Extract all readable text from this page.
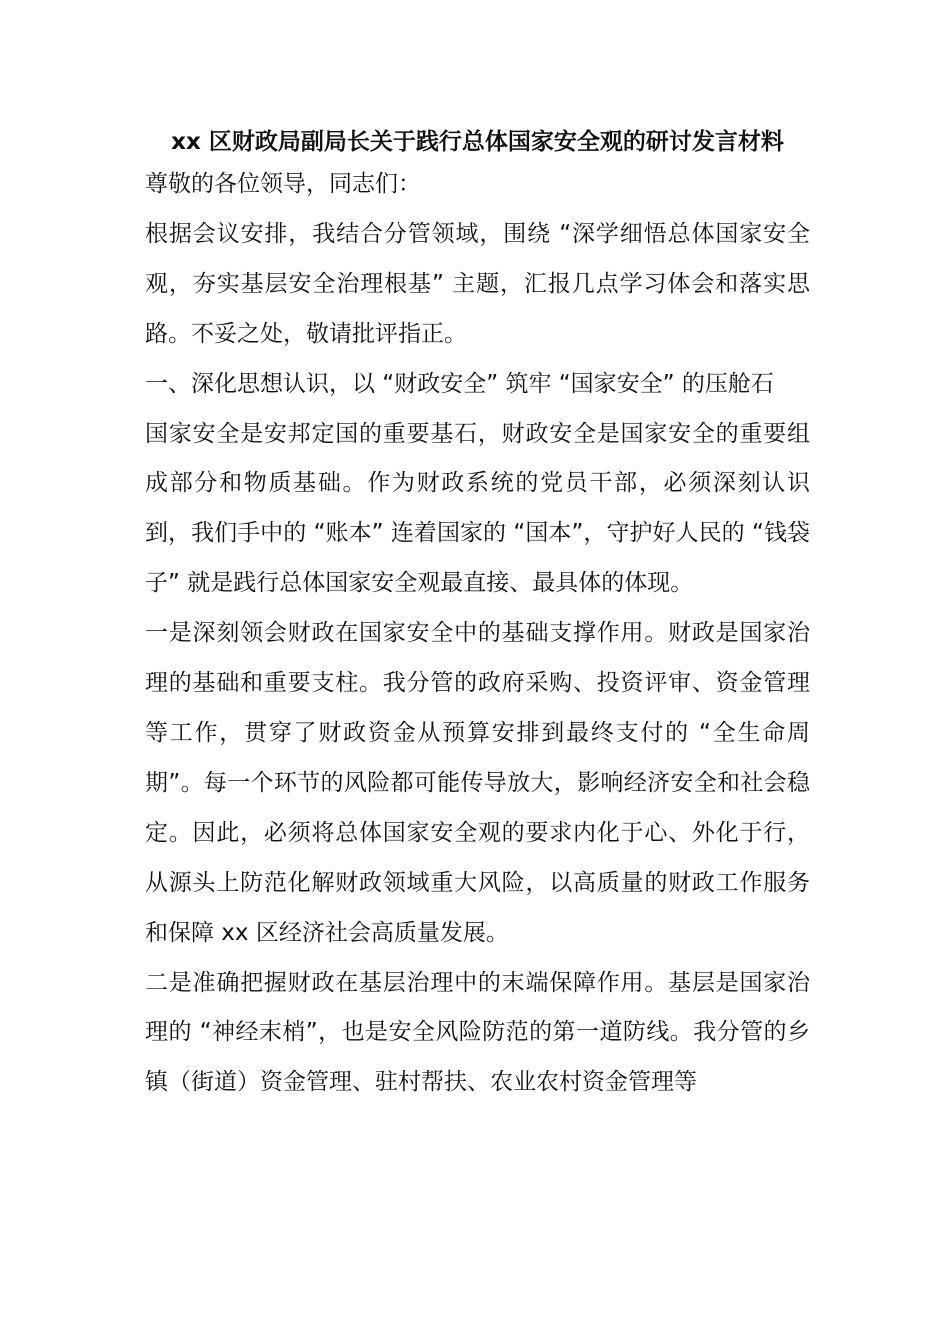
xx 区财政局副局长关于践行总体国家安全观的研讨发言材料

尊敬的各位领导，同志们：

根据会议安排，我结合分管领域，围绕 “深学细悟总体国家安全观，夯实基层安全治理根基” 主题，汇报几点学习体会和落实思路。不妥之处，敬请批评指正。

一、深化思想认识，以 “财政安全” 筑牢 “国家安全” 的压舱石

国家安全是安邦定国的重要基石，财政安全是国家安全的重要组成部分和物质基础。作为财政系统的党员干部，必须深刻认识到，我们手中的 “账本” 连着国家的 “国本”，守护好人民的 “钱袋子” 就是践行总体国家安全观最直接、最具体的体现。

一是深刻领会财政在国家安全中的基础支撑作用。财政是国家治理的基础和重要支柱。我分管的政府采购、投资评审、资金管理等工作，贯穿了财政资金从预算安排到最终支付的 “全生命周期”。每一个环节的风险都可能传导放大，影响经济安全和社会稳定。因此，必须将总体国家安全观的要求内化于心、外化于行，从源头上防范化解财政领域重大风险，以高质量的财政工作服务和保障 xx 区经济社会高质量发展。

二是准确把握财政在基层治理中的末端保障作用。基层是国家治理的 “神经末梢”，也是安全风险防范的第一道防线。我分管的乡镇（街道）资金管理、驻村帮扶、农业农村资金管理等
